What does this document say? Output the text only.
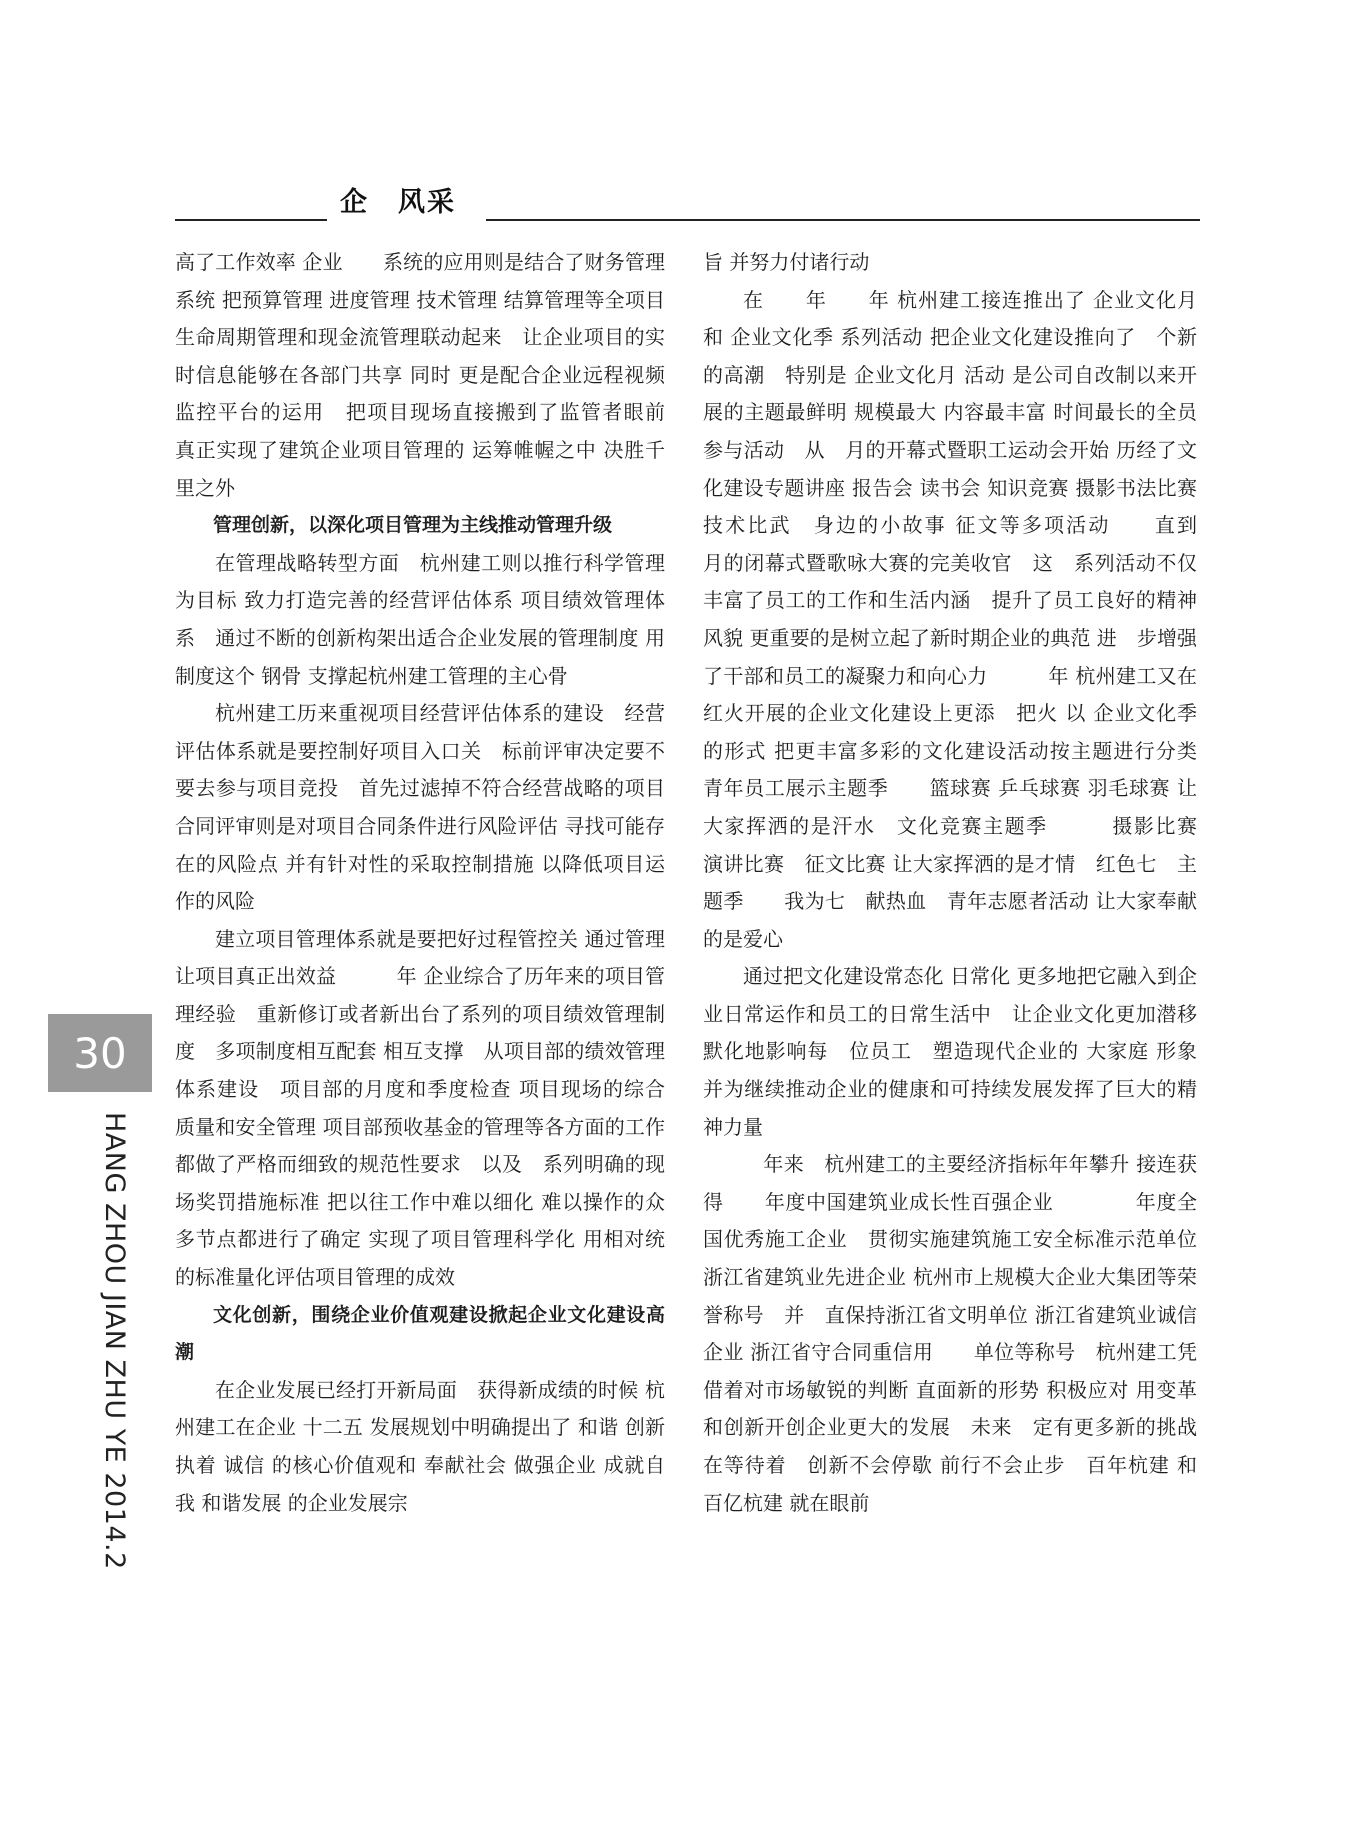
企　风采
30
HANG ZHOU JIAN ZHU YE 2014.2

高了工作效率 企业　　系统的应用则是结合了财务管理系统 把预算管理 进度管理 技术管理 结算管理等全项目生命周期管理和现金流管理联动起来　让企业项目的实时信息能够在各部门共享 同时 更是配合企业远程视频监控平台的运用　把项目现场直接搬到了监管者眼前　真正实现了建筑企业项目管理的 运筹帷幄之中 决胜千里之外

管理创新，以深化项目管理为主线推动管理升级

在管理战略转型方面　杭州建工则以推行科学管理为目标 致力打造完善的经营评估体系 项目绩效管理体系　通过不断的创新构架出适合企业发展的管理制度 用制度这个 钢骨 支撑起杭州建工管理的主心骨

杭州建工历来重视项目经营评估体系的建设　经营评估体系就是要控制好项目入口关　标前评审决定要不要去参与项目竞投　首先过滤掉不符合经营战略的项目　合同评审则是对项目合同条件进行风险评估 寻找可能存在的风险点 并有针对性的采取控制措施 以降低项目运作的风险

建立项目管理体系就是要把好过程管控关 通过管理让项目真正出效益　　　年 企业综合了历年来的项目管理经验　重新修订或者新出台了系列的项目绩效管理制度　多项制度相互配套 相互支撑　从项目部的绩效管理体系建设　项目部的月度和季度检查 项目现场的综合 质量和安全管理 项目部预收基金的管理等各方面的工作都做了严格而细致的规范性要求　以及　系列明确的现场奖罚措施标准 把以往工作中难以细化 难以操作的众多节点都进行了确定 实现了项目管理科学化 用相对统　的标准量化评估项目管理的成效

文化创新，围绕企业价值观建设掀起企业文化建设高潮

在企业发展已经打开新局面　获得新成绩的时候 杭州建工在企业 十二五 发展规划中明确提出了 和谐 创新 执着 诚信 的核心价值观和 奉献社会 做强企业 成就自我 和谐发展 的企业发展宗

旨 并努力付诸行动

在　　年　　年 杭州建工接连推出了 企业文化月 和 企业文化季 系列活动 把企业文化建设推向了　个新的高潮　特别是 企业文化月 活动 是公司自改制以来开展的主题最鲜明 规模最大 内容最丰富 时间最长的全员参与活动　从　月的开幕式暨职工运动会开始 历经了文化建设专题讲座 报告会 读书会 知识竞赛 摄影书法比赛 技术比武　身边的小故事 征文等多项活动　　直到　　月的闭幕式暨歌咏大赛的完美收官　这　系列活动不仅丰富了员工的工作和生活内涵　提升了员工良好的精神风貌 更重要的是树立起了新时期企业的典范 进　步增强了干部和员工的凝聚力和向心力　　　年 杭州建工又在红火开展的企业文化建设上更添　把火 以 企业文化季 的形式 把更丰富多彩的文化建设活动按主题进行分类　青年员工展示主题季　　篮球赛 乒乓球赛 羽毛球赛 让大家挥洒的是汗水　文化竞赛主题季　　　摄影比赛　演讲比赛　征文比赛 让大家挥洒的是才情　红色七　主题季　　我为七　献热血　青年志愿者活动 让大家奉献的是爱心

通过把文化建设常态化 日常化 更多地把它融入到企业日常运作和员工的日常生活中　让企业文化更加潜移默化地影响每　位员工　塑造现代企业的 大家庭 形象 并为继续推动企业的健康和可持续发展发挥了巨大的精神力量

　年来　杭州建工的主要经济指标年年攀升 接连获得　　年度中国建筑业成长性百强企业　　　　年度全国优秀施工企业　贯彻实施建筑施工安全标准示范单位 浙江省建筑业先进企业 杭州市上规模大企业大集团等荣誉称号　并　直保持浙江省文明单位 浙江省建筑业诚信企业 浙江省守合同重信用　　单位等称号　杭州建工凭借着对市场敏锐的判断 直面新的形势 积极应对 用变革和创新开创企业更大的发展　未来　定有更多新的挑战在等待着　创新不会停歇 前行不会止步　百年杭建 和 百亿杭建 就在眼前
